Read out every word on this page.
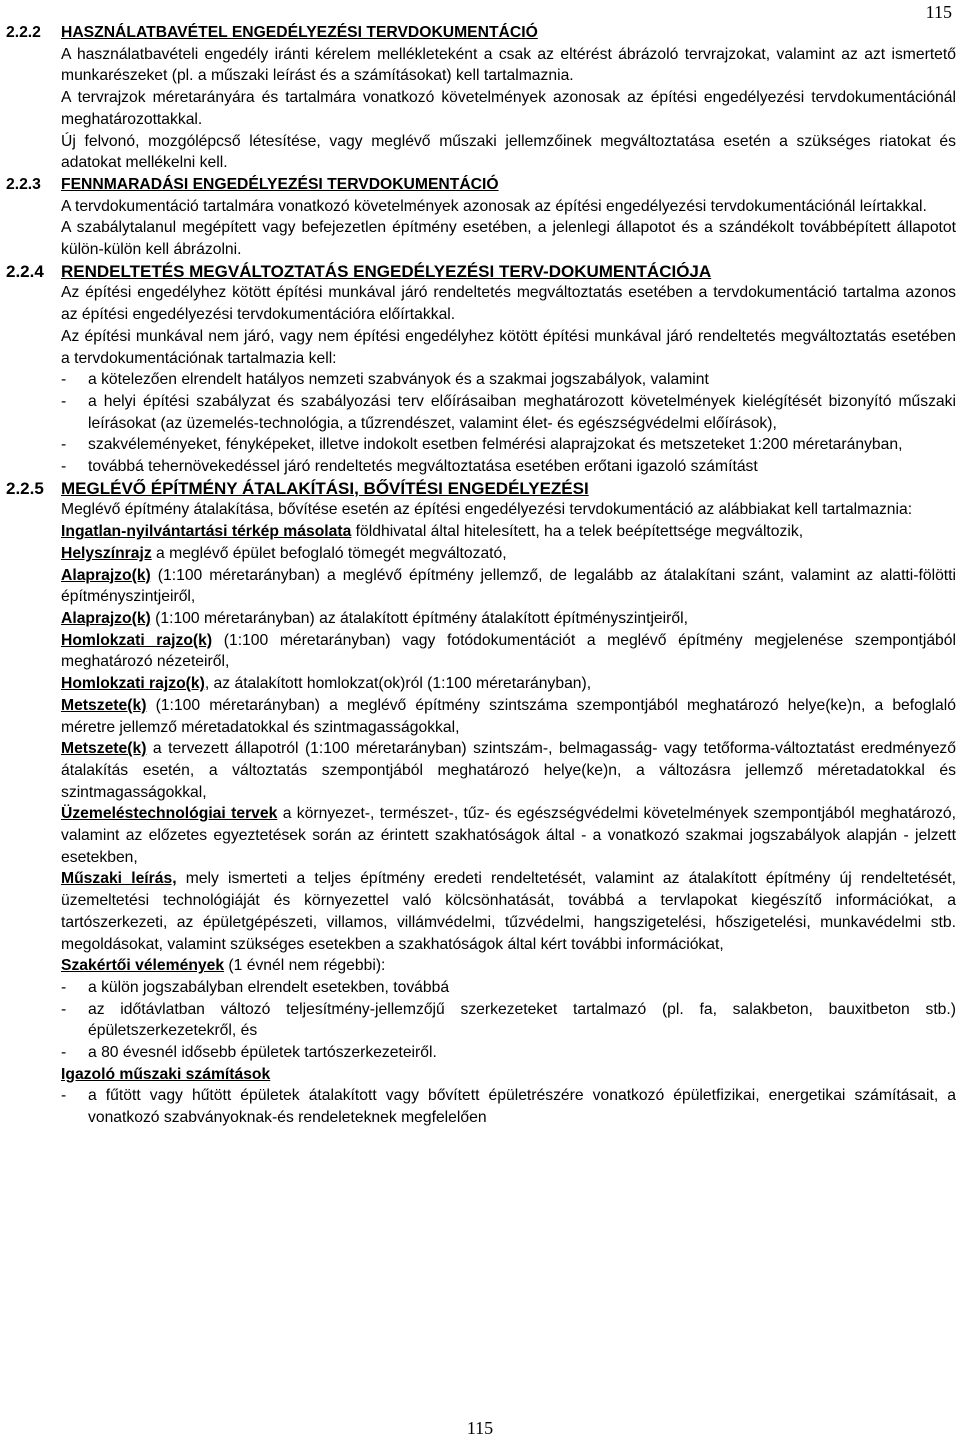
115
2.2.2 HASZNÁLATBAVÉTEL ENGEDÉLYEZÉSI TERVDOKUMENTÁCIÓ

A használatbavételi engedély iránti kérelem mellékleteként a csak az eltérést ábrázoló tervrajzokat, valamint az azt ismertető munkarészeket (pl. a műszaki leírást és a számításokat) kell tartalmaznia.

A tervrajzok méretarányára és tartalmára vonatkozó követelmények azonosak az építési engedélyezési tervdokumentációnál meghatározottakkal.

Új felvonó, mozgólépcső létesítése, vagy meglévő műszaki jellemzőinek megváltoztatása esetén a szükséges riatokat és adatokat mellékelni kell.

2.2.3 FENNMARADÁSI ENGEDÉLYEZÉSI TERVDOKUMENTÁCIÓ

A tervdokumentáció tartalmára vonatkozó követelmények azonosak az építési engedélyezési tervdokumentációnál leírtakkal.

A szabálytalanul megépített vagy befejezetlen építmény esetében, a jelenlegi állapotot és a szándékolt továbbépített állapotot külön-külön kell ábrázolni.

2.2.4 RENDELTETÉS MEGVÁLTOZTATÁS ENGEDÉLYEZÉSI TERV-DOKUMENTÁCIÓJA

Az építési engedélyhez kötött építési munkával járó rendeltetés megváltoztatás esetében a tervdokumentáció tartalma azonos az építési engedélyezési tervdokumentációra előírtakkal.

Az építési munkával nem járó, vagy nem építési engedélyhez kötött építési munkával járó rendeltetés megváltoztatás esetében a tervdokumentációnak tartalmazia kell:

- a kötelezően elrendelt hatályos nemzeti szabványok és a szakmai jogszabályok, valamint
- a helyi építési szabályzat és szabályozási terv előírásaiban meghatározott követelmények kielégítését bizonyító műszaki leírásokat (az üzemelés-technológia, a tűzrendészet, valamint élet- és egészségvédelmi előírások),
- szakvéleményeket, fényképeket, illetve indokolt esetben felmérési alaprajzokat és metszeteket 1:200 méretarányban,
- továbbá tehernövekedéssel járó rendeltetés megváltoztatása esetében erőtani igazoló számítást
2.2.5 MEGLÉVŐ ÉPÍTMÉNY ÁTALAKÍTÁSI, BŐVÍTÉSI ENGEDÉLYEZÉSI

Meglévő építmény átalakítása, bővítése esetén az építési engedélyezési tervdokumentáció az alábbiakat kell tartalmaznia:

Ingatlan-nyilvántartási térkép másolata földhivatal által hitelesített, ha a telek beépítettsége megváltozik,

Helyszínrajz a meglévő épület befoglaló tömegét megváltozató,

Alaprajzo(k) (1:100 méretarányban) a meglévő építmény jellemző, de legalább az átalakítani szánt, valamint az alatti-fölötti építményszintjeiről,

Alaprajzo(k) (1:100 méretarányban) az átalakított építmény átalakított építményszintjeiről,

Homlokzati rajzo(k) (1:100 méretarányban) vagy fotódokumentációt a meglévő építmény megjelenése szempontjából meghatározó nézeteiről,

Homlokzati rajzo(k), az átalakított homlokzat(ok)ról (1:100 méretarányban),

Metszete(k) (1:100 méretarányban) a meglévő építmény szintszáma szempontjából meghatározó helye(ke)n, a befoglaló méretre jellemző méretadatokkal és szintmagasságokkal,

Metszete(k) a tervezett állapotról (1:100 méretarányban) szintszám-, belmagasság- vagy tetőforma-változtatást eredményező átalakítás esetén, a változtatás szempontjából meghatározó helye(ke)n, a változásra jellemző méretadatokkal és szintmagasságokkal,

Üzemeléstechnológiai tervek a környezet-, természet-, tűz- és egészségvédelmi követelmények szempontjából meghatározó, valamint az előzetes egyeztetések során az érintett szakhatóságok által - a vonatkozó szakmai jogszabályok alapján - jelzett esetekben,

Műszaki leírás, mely ismerteti a teljes építmény eredeti rendeltetését, valamint az átalakított építmény új rendeltetését, üzemeltetési technológiáját és környezettel való kölcsönhatását, továbbá a tervlapokat kiegészítő információkat, a tartószerkezeti, az épületgépészeti, villamos, villámvédelmi, tűzvédelmi, hangszigetelési, hőszigetelési, munkavédelmi stb. megoldásokat, valamint szükséges esetekben a szakhatóságok által kért további információkat,

Szakértői vélemények (1 évnél nem régebbi):

- a külön jogszabályban elrendelt esetekben, továbbá
- az időtávlatban változó teljesítmény-jellemzőjű szerkezeteket tartalmazó (pl. fa, salakbeton, bauxitbeton stb.) épületszerkezetekről, és
- a 80 évesnél idősebb épületek tartószerkezeteiről.

Igazoló műszaki számítások

- a fűtött vagy hűtött épületek átalakított vagy bővített épületrészére vonatkozó épületfizikai, energetikai számításait, a vonatkozó szabványoknak-és rendeleteknek megfelelően
115
